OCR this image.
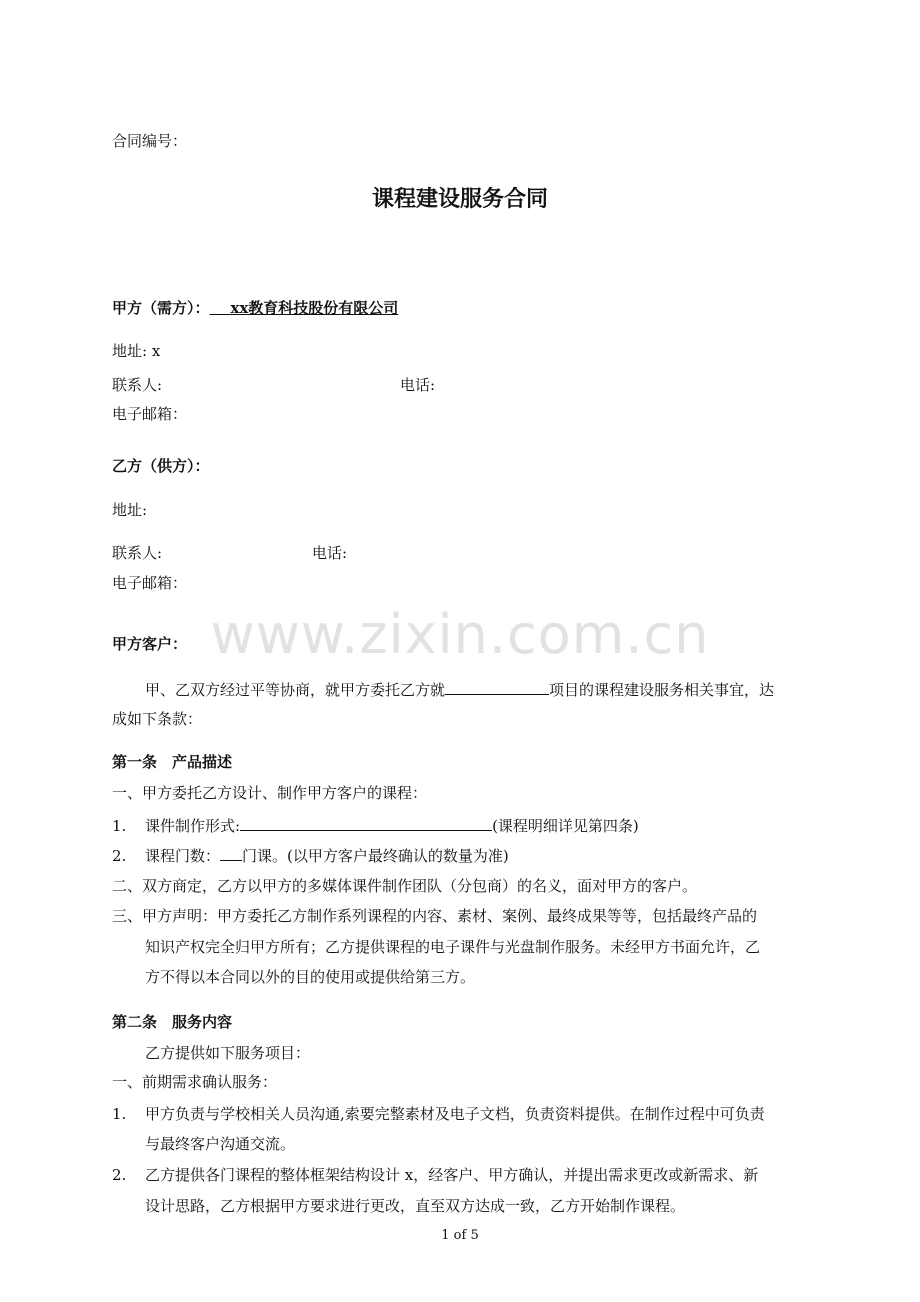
合同编号：
课程建设服务合同
甲方（需方）： xx教育科技股份有限公司
地址: x
联系人:	电话:
电子邮箱：
乙方（供方）：
地址:
联系人:	电话:
电子邮箱：
甲方客户： www.zixin.com.cn
甲、乙双方经过平等协商，就甲方委托乙方就	项目的课程建设服务相关事宜，达
成如下条款：
第一条　产品描述
一、甲方委托乙方设计、制作甲方客户的课程：
1. 课件制作形式:	(课程明细详见第四条)
2. 课程门数： 门课。(以甲方客户最终确认的数量为准)
二、双方商定，乙方以甲方的多媒体课件制作团队（分包商）的名义，面对甲方的客户。
三、甲方声明：甲方委托乙方制作系列课程的内容、素材、案例、最终成果等等，包括最终产品的
知识产权完全归甲方所有；乙方提供课程的电子课件与光盘制作服务。未经甲方书面允许，乙
方不得以本合同以外的目的使用或提供给第三方。
第二条　服务内容
乙方提供如下服务项目：
一、前期需求确认服务：
1. 甲方负责与学校相关人员沟通,索要完整素材及电子文档，负责资料提供。在制作过程中可负责
与最终客户沟通交流。
2. 乙方提供各门课程的整体框架结构设计 x，经客户、甲方确认，并提出需求更改或新需求、新
设计思路，乙方根据甲方要求进行更改，直至双方达成一致，乙方开始制作课程。
1 of 5
